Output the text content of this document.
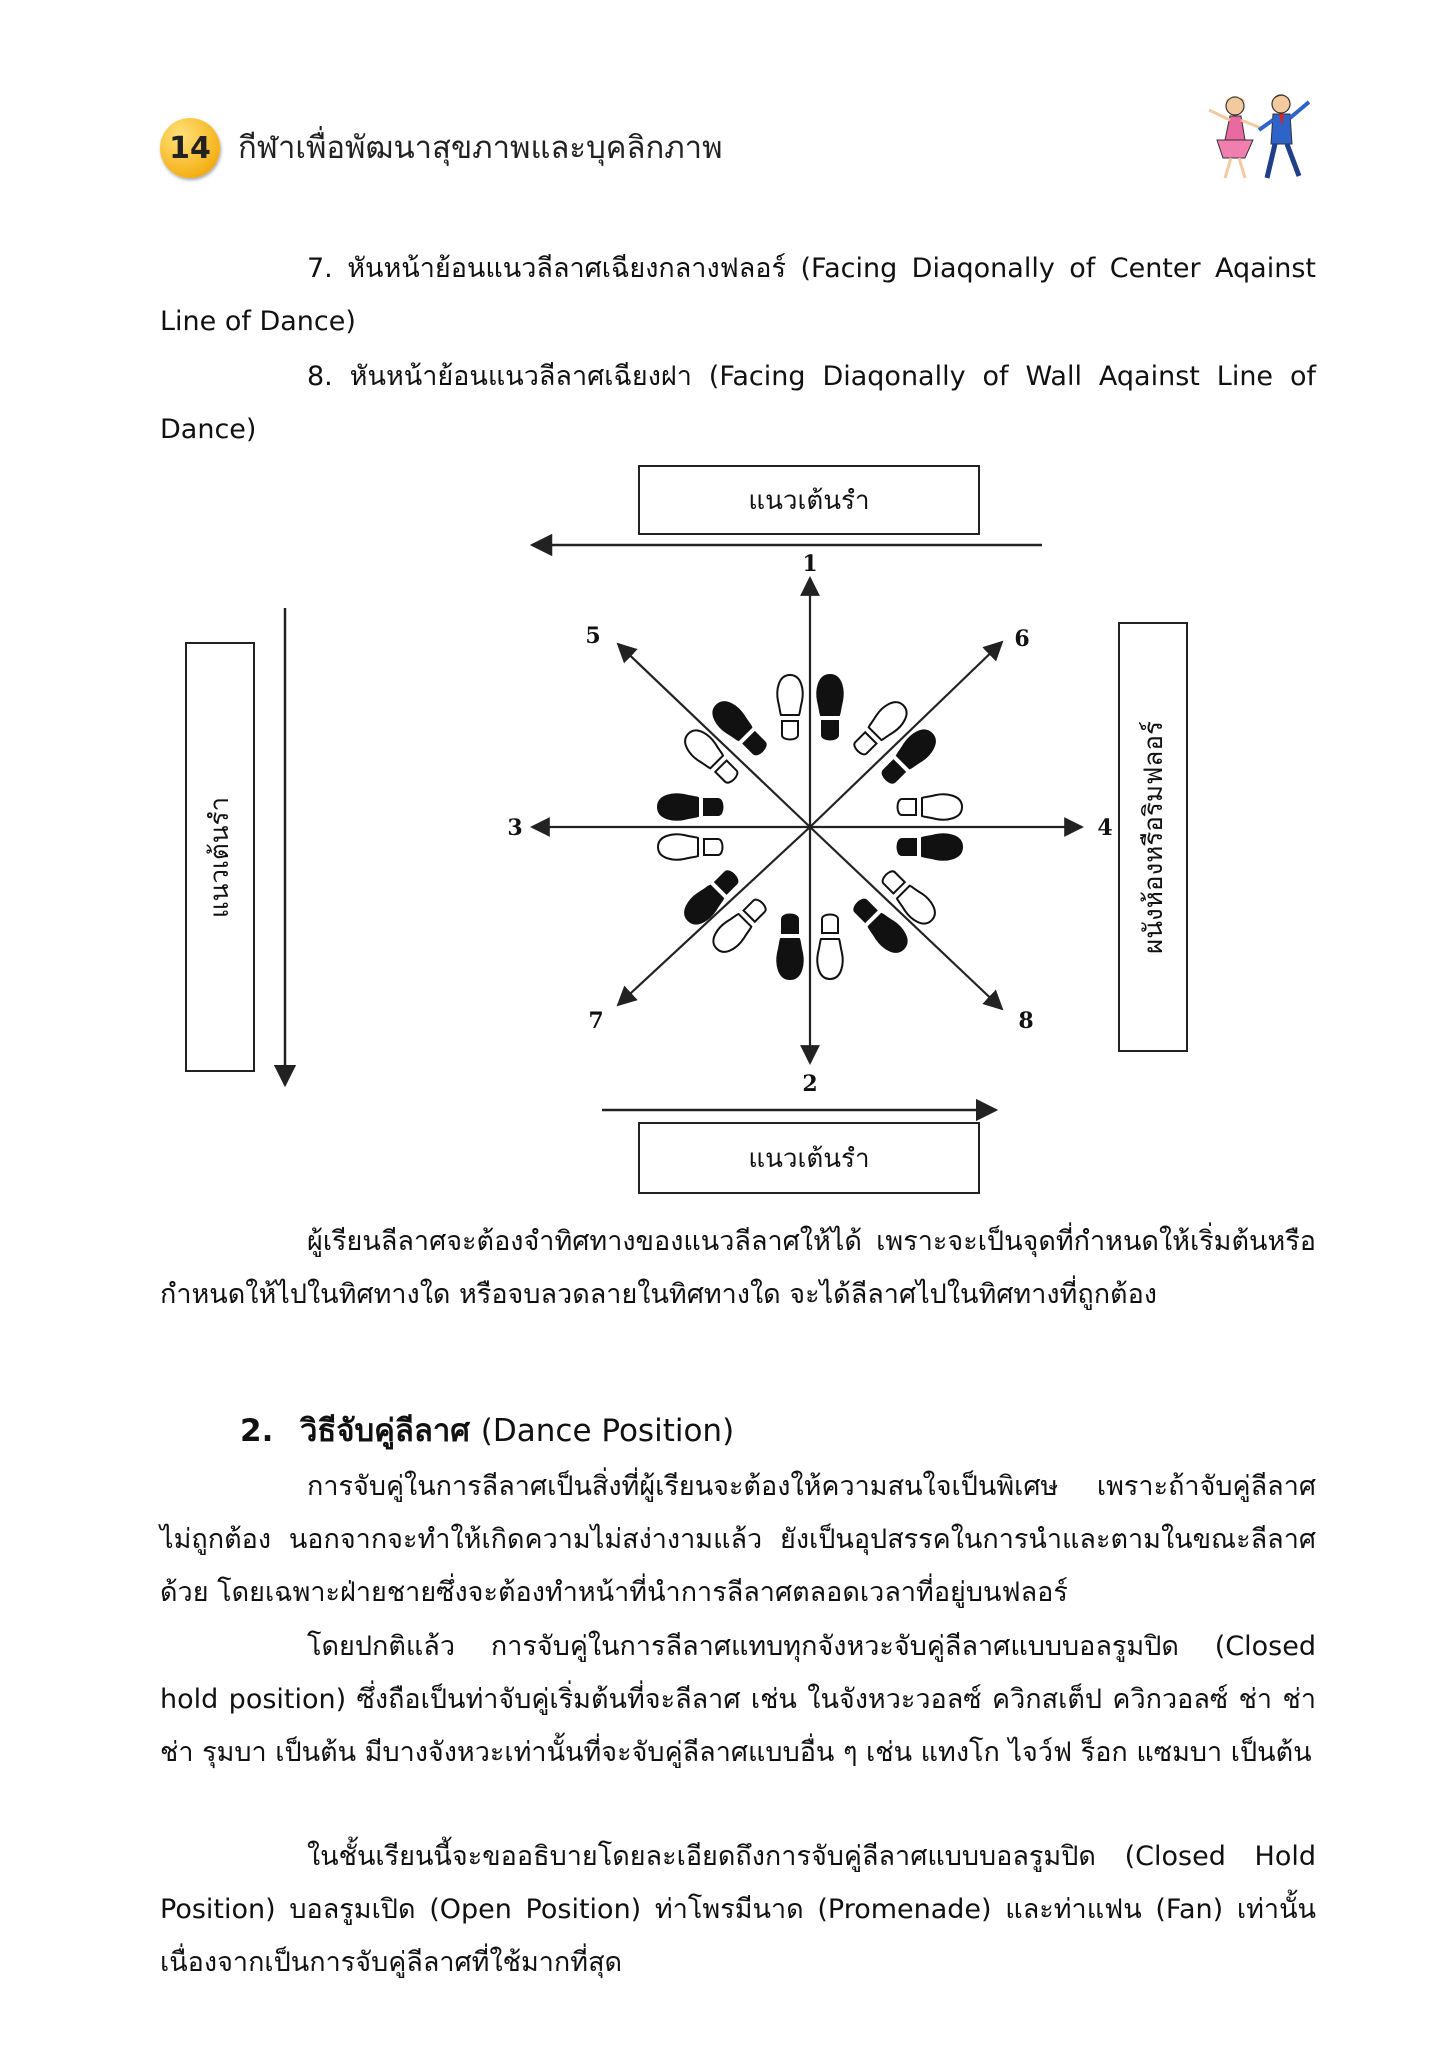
14 กีฬาเพื่อพัฒนาสุขภาพและบุคลิกภาพ
7. หันหน้าย้อนแนวลีลาศเฉียงกลางฟลอร์ (Facing Diaqonally of Center Aqainst Line of Dance)
8. หันหน้าย้อนแนวลีลาศเฉียงฝา (Facing Diaqonally of Wall Aqainst Line of Dance)
แนวเต้นรำ
แนวเต้นรำ
แนวเต้นรำ	ผนังห้องหรือริมฟลอร์
1
2
3	4
5	6
7	8
ผู้เรียนลีลาศจะต้องจำทิศทางของแนวลีลาศให้ได้ เพราะจะเป็นจุดที่กำหนดให้เริ่มต้นหรือกำหนดให้ไปในทิศทางใด หรือจบลวดลายในทิศทางใด จะได้ลีลาศไปในทิศทางที่ถูกต้อง
2. วิธีจับคู่ลีลาศ (Dance Position)
การจับคู่ในการลีลาศเป็นสิ่งที่ผู้เรียนจะต้องให้ความสนใจเป็นพิเศษ เพราะถ้าจับคู่ลีลาศไม่ถูกต้อง นอกจากจะทำให้เกิดความไม่สง่างามแล้ว ยังเป็นอุปสรรคในการนำและตามในขณะลีลาศด้วย โดยเฉพาะฝ่ายชายซึ่งจะต้องทำหน้าที่นำการลีลาศตลอดเวลาที่อยู่บนฟลอร์
โดยปกติแล้ว การจับคู่ในการลีลาศแทบทุกจังหวะจับคู่ลีลาศแบบบอลรูมปิด (Closed hold position) ซึ่งถือเป็นท่าจับคู่เริ่มต้นที่จะลีลาศ เช่น ในจังหวะวอลซ์ ควิกสเต็ป ควิกวอลซ์ ช่า ช่า ช่า รุมบา เป็นต้น มีบางจังหวะเท่านั้นที่จะจับคู่ลีลาศแบบอื่น ๆ เช่น แทงโก ไจว์ฟ ร็อก แซมบา เป็นต้น
ในชั้นเรียนนี้จะขออธิบายโดยละเอียดถึงการจับคู่ลีลาศแบบบอลรูมปิด (Closed Hold Position) บอลรูมเปิด (Open Position) ท่าโพรมีนาด (Promenade) และท่าแฟน (Fan) เท่านั้น เนื่องจากเป็นการจับคู่ลีลาศที่ใช้มากที่สุด
